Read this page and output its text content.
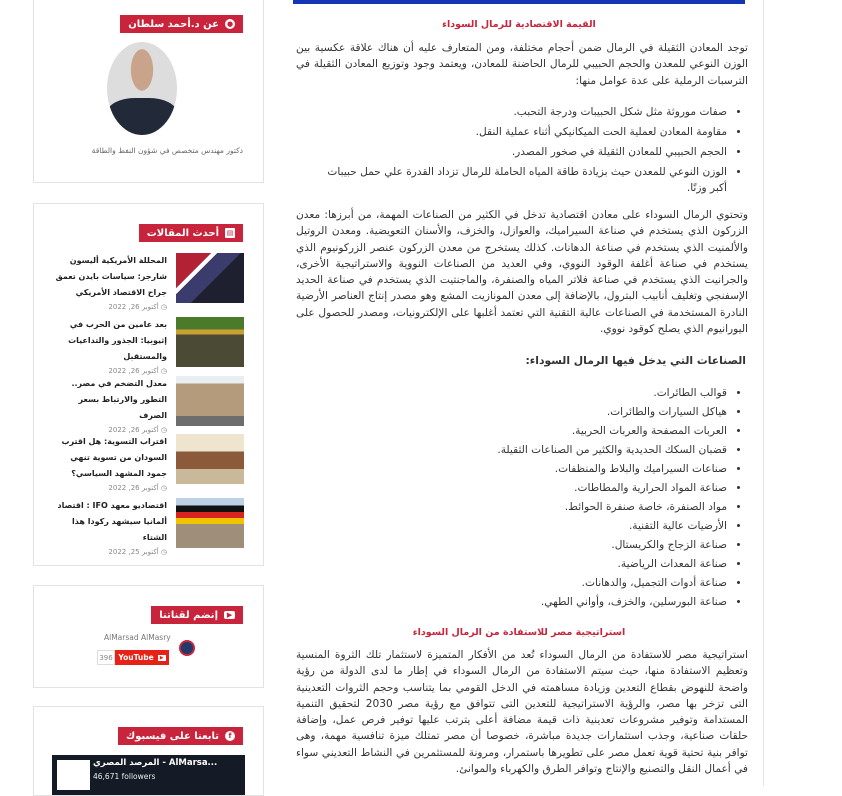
●
عن د.أحمد سلطان
دكتور مهندس متخصص في شؤون النفط والطاقة
▤
أحدث المقالات
المحللة الأمريكية أليسون شارجر: سياسات بايدن تعمق جراح الاقتصاد الأمريكي
◷ أكتوبر 26, 2022
بعد عامين من الحرب في إثيوبيا: الجذور والتداعيات والمستقبل
◷ أكتوبر 26, 2022
معدل التضخم في مصر.. التطور والارتباط بسعر الصرف
◷ أكتوبر 26, 2022
اقتراب التسوية: هل اقترب السودان من تسوية تنهي جمود المشهد السياسي؟
◷ أكتوبر 26, 2022
اقتصاديو معهد IFO : اقتصاد ألمانيا سيشهد ركودا هذا الشتاء
◷ أكتوبر 25, 2022
▶
إنضم لقناتنا
AlMarsad AlMasry
396 YouTube	▶
f
تابعنا على فيسبوك
المرصد المصري - AlMarsa...
46,671 followers
القيمة الاقتصادية للرمال السوداء
توجد المعادن الثقيلة في الرمال ضمن أحجام مختلفة، ومن المتعارف عليه أن هناك علاقة عكسية بين الوزن النوعي للمعدن والحجم الحبيبي للرمال الحاضنة للمعادن، ويعتمد وجود وتوزيع المعادن الثقيلة في الترسبات الرملية على عدة عوامل منها:
• صفات موروثة مثل شكل الحبيبات ودرجة التحبب.
• مقاومة المعادن لعملية الحت الميكانيكي أثناء عملية النقل.
• الحجم الحبيبي للمعادن الثقيلة في صخور المصدر.
• الوزن النوعي للمعدن حيث بزيادة طاقة المياه الحاملة للرمال تزداد القدرة علي حمل حبيبات أكبر وزنًا.
وتحتوي الرمال السوداء على معادن اقتصادية تدخل في الكثير من الصناعات المهمة، من أبرزها: معدن الزركون الذي يستخدم في صناعة السيراميك، والعوازل، والخزف، والأسنان التعويضية. ومعدن الروتيل والألمنيت الذي يستخدم في صناعة الدهانات. كذلك يستخرج من معدن الزركون عنصر الزركونيوم الذي يستخدم في صناعة أغلفة الوقود النووي، وفي العديد من الصناعات النووية والاستراتيجية الأخرى، والجرانيت الذي يستخدم في صناعة فلاتر المياه والصنفرة، والماجنتيت الذي يستخدم في صناعة الحديد الإسفنجي وتغليف أنابيب البترول، بالإضافة إلى معدن المونازيت المشع وهو مصدر إنتاج العناصر الأرضية النادرة المستخدمة في الصناعات عالية التقنية التي تعتمد أغلبها على الإلكترونيات، ومصدر للحصول على اليورانيوم الذي يصلح كوقود نووي.
الصناعات التي يدخل فيها الرمال السوداء:
• قوالب الطائرات.
• هياكل السيارات والطائرات.
• العربات المصفحة والعربات الحربية.
• قضبان السكك الحديدية والكثير من الصناعات الثقيلة.
• صناعات السيراميك والبلاط والمنظفات.
• صناعة المواد الحرارية والمطاطات.
• مواد الصنفرة، خاصة صنفرة الحوائط.
• الأرضيات عالية التقنية.
• صناعة الزجاج والكريستال.
• صناعة المعدات الرياضية.
• صناعة أدوات التجميل، والدهانات.
• صناعة البورسلين، والخزف، وأواني الطهي.
استراتيجية مصر للاستفادة من الرمال السوداء
استراتيجية مصر للاستفادة من الرمال السوداء تُعد من الأفكار المتميزة لاستثمار تلك الثروة المنسية وتعظيم الاستفادة منها، حيث سيتم الاستفادة من الرمال السوداء في إطار ما لدى الدولة من رؤية واضحة للنهوض بقطاع التعدين وزيادة مساهمته في الدخل القومي بما يتناسب وحجم الثروات التعدينية التى تزخر بها مصر، والرؤية الاستراتيجية للتعدين التى تتوافق مع رؤية مصر 2030 لتحقيق التنمية المستدامة وتوفير مشروعات تعدينية ذات قيمة مضافة أعلى يترتب عليها توفير فرص عمل، وإضافة حلقات صناعية، وجذب استثمارات جديدة مباشرة، خصوصا أن مصر تمتلك ميزة تنافسية مهمة، وهى توافر بنية تحتية قوية تعمل مصر على تطويرها باستمرار، ومرونة للمستثمرين في النشاط التعديني سواء في أعمال النقل والتصنيع والإنتاج وتوافر الطرق والكهرباء والموانئ.
